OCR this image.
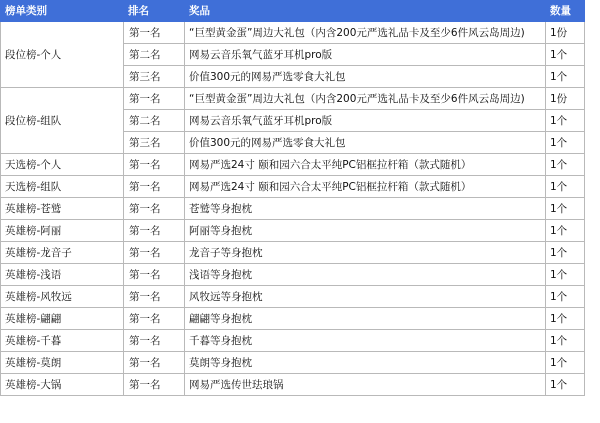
榜单类别	排名	奖品	数量
段位榜-个人	第一名	“巨型黄金蛋”周边大礼包（内含200元严选礼品卡及至少6件风云岛周边)	1份
	第二名	网易云音乐氧气蓝牙耳机pro版	1个
	第三名	价值300元的网易严选零食大礼包	1个
段位榜-组队	第一名	“巨型黄金蛋”周边大礼包（内含200元严选礼品卡及至少6件风云岛周边)	1份
	第二名	网易云音乐氧气蓝牙耳机pro版	1个
	第三名	价值300元的网易严选零食大礼包	1个
天选榜-个人	第一名	网易严选24寸 颐和园六合太平纯PC铝框拉杆箱（款式随机）	1个
天选榜-组队	第一名	网易严选24寸 颐和园六合太平纯PC铝框拉杆箱（款式随机）	1个
英雄榜-苍鹫	第一名	苍鹫等身抱枕	1个
英雄榜-阿丽	第一名	阿丽等身抱枕	1个
英雄榜-龙音子	第一名	龙音子等身抱枕	1个
英雄榜-浅语	第一名	浅语等身抱枕	1个
英雄榜-风牧远	第一名	风牧远等身抱枕	1个
英雄榜-翩翩	第一名	翩翩等身抱枕	1个
英雄榜-千暮	第一名	千暮等身抱枕	1个
英雄榜-莫朗	第一名	莫朗等身抱枕	1个
英雄榜-大锅	第一名	网易严选传世珐琅锅	1个
